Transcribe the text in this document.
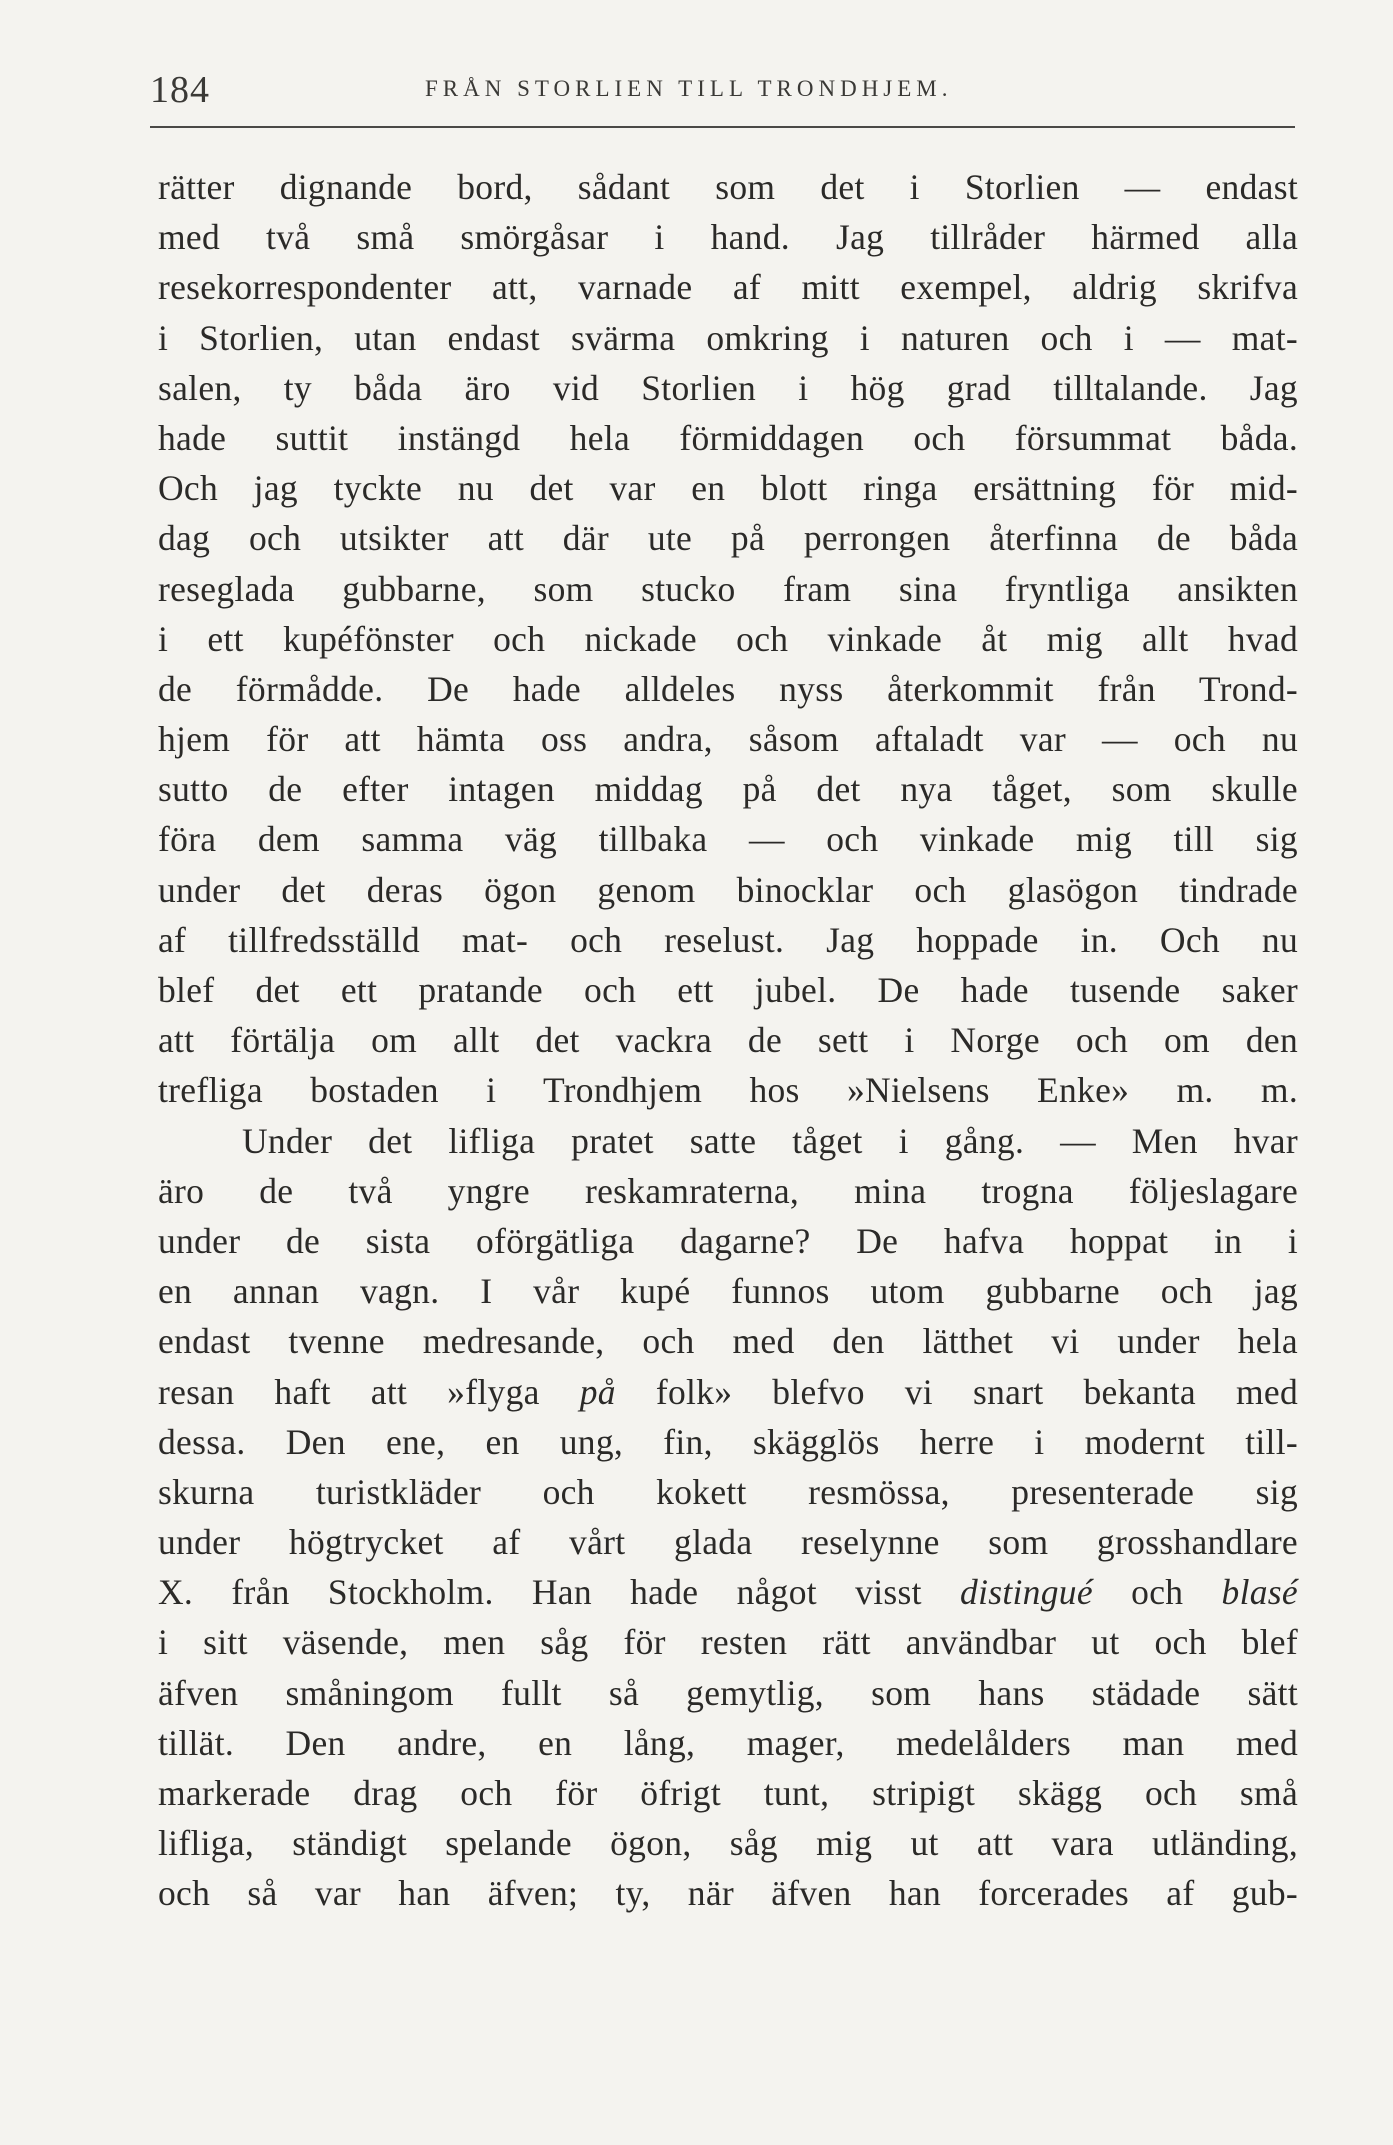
184	FRÅN STORLIEN TILL TRONDHJEM.
rätter dignande bord, sådant som det i Storlien — endast
med två små smörgåsar i hand. Jag tillråder härmed alla
resekorrespondenter att, varnade af mitt exempel, aldrig skrifva
i Storlien, utan endast svärma omkring i naturen och i — mat-
salen, ty båda äro vid Storlien i hög grad tilltalande. Jag
hade suttit instängd hela förmiddagen och försummat båda.
Och jag tyckte nu det var en blott ringa ersättning för mid-
dag och utsikter att där ute på perrongen återfinna de båda
reseglada gubbarne, som stucko fram sina fryntliga ansikten
i ett kupéfönster och nickade och vinkade åt mig allt hvad
de förmådde. De hade alldeles nyss återkommit från Trond-
hjem för att hämta oss andra, såsom aftaladt var — och nu
sutto de efter intagen middag på det nya tåget, som skulle
föra dem samma väg tillbaka — och vinkade mig till sig
under det deras ögon genom binocklar och glasögon tindrade
af tillfredsställd mat- och reselust. Jag hoppade in. Och nu
blef det ett pratande och ett jubel. De hade tusende saker
att förtälja om allt det vackra de sett i Norge och om den
trefliga bostaden i Trondhjem hos »Nielsens Enke» m. m.
Under det lifliga pratet satte tåget i gång. — Men hvar
äro de två yngre reskamraterna, mina trogna följeslagare
under de sista oförgätliga dagarne? De hafva hoppat in i
en annan vagn. I vår kupé funnos utom gubbarne och jag
endast tvenne medresande, och med den lätthet vi under hela
resan haft att »flyga på folk» blefvo vi snart bekanta med
dessa. Den ene, en ung, fin, skägglös herre i modernt till-
skurna turistkläder och kokett resmössa, presenterade sig
under högtrycket af vårt glada reselynne som grosshandlare
X. från Stockholm. Han hade något visst distingué och blasé
i sitt väsende, men såg för resten rätt användbar ut och blef
äfven småningom fullt så gemytlig, som hans städade sätt
tillät. Den andre, en lång, mager, medelålders man med
markerade drag och för öfrigt tunt, stripigt skägg och små
lifliga, ständigt spelande ögon, såg mig ut att vara utländing,
och så var han äfven; ty, när äfven han forcerades af gub-
